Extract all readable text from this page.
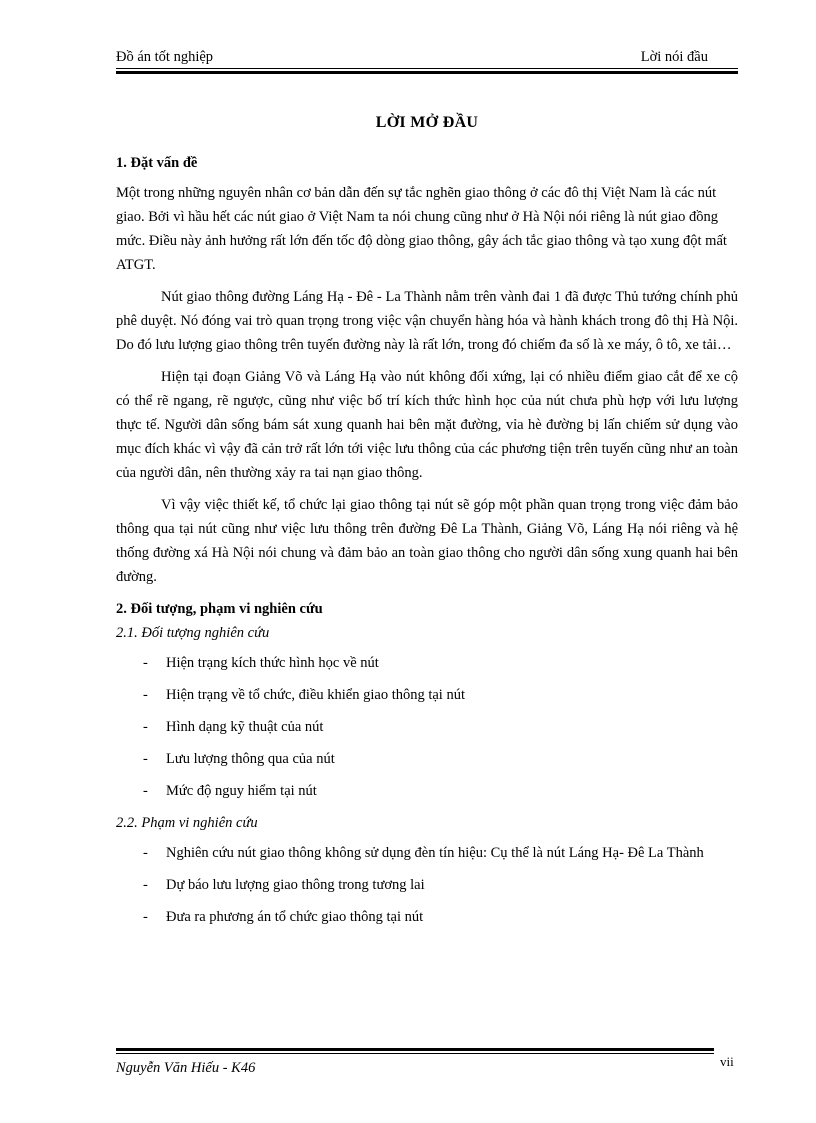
Đồ án tốt nghiệp	Lời nói đầu
LỜI MỞ ĐẦU
1. Đặt vấn đề

Một trong những nguyên nhân cơ bản dẫn đến sự tắc nghẽn giao thông ở các đô thị Việt Nam là các nút giao. Bởi vì hầu hết các nút giao ở Việt Nam ta nói chung cũng như ở Hà Nội nói riêng là nút giao đồng mức. Điều này ảnh hưởng rất lớn đến tốc độ dòng giao thông, gây ách tắc giao thông và tạo xung đột mất ATGT.

Nút giao thông đường Láng Hạ - Đê - La Thành nằm trên vành đai 1 đã được Thủ tướng chính phủ phê duyệt. Nó đóng vai trò quan trọng trong việc vận chuyển hàng hóa và hành khách trong đô thị Hà Nội. Do đó lưu lượng giao thông trên tuyến đường này là rất lớn, trong đó chiếm đa số là xe máy, ô tô, xe tải…

Hiện tại đoạn Giảng Võ và Láng Hạ vào nút không đối xứng, lại có nhiều điểm giao cắt để xe cộ có thể rẽ ngang, rẽ ngược, cũng như việc bố trí kích thức hình học của nút chưa phù hợp với lưu lượng thực tế. Người dân sống bám sát xung quanh hai bên mặt đường, vỉa hè đường bị lấn chiếm sử dụng vào mục đích khác vì vậy đã cản trở rất lớn tới việc lưu thông của các phương tiện trên tuyến cũng như an toàn của người dân, nên thường xảy ra tai nạn giao thông.

Vì vậy việc thiết kế, tổ chức lại giao thông tại nút sẽ góp một phần quan trọng trong việc đảm bảo thông qua tại nút cũng như việc lưu thông trên đường Đê La Thành, Giảng Võ, Láng Hạ nói riêng và hệ thống đường xá Hà Nội nói chung và đảm bảo an toàn giao thông cho người dân sống xung quanh hai bên đường.

2. Đối tượng, phạm vi nghiên cứu
2.1. Đối tượng nghiên cứu
- Hiện trạng kích thức hình học về nút
- Hiện trạng về tổ chức, điều khiển giao thông tại nút
- Hình dạng kỹ thuật của nút
- Lưu lượng thông qua của nút
- Mức độ nguy hiểm tại nút
2.2. Phạm vi nghiên cứu
- Nghiên cứu nút giao thông không sử dụng đèn tín hiệu: Cụ thể là nút Láng Hạ- Đê La Thành
- Dự báo lưu lượng giao thông trong tương lai
- Đưa ra phương án tổ chức giao thông tại nút
Nguyễn Văn Hiếu - K46	vii
